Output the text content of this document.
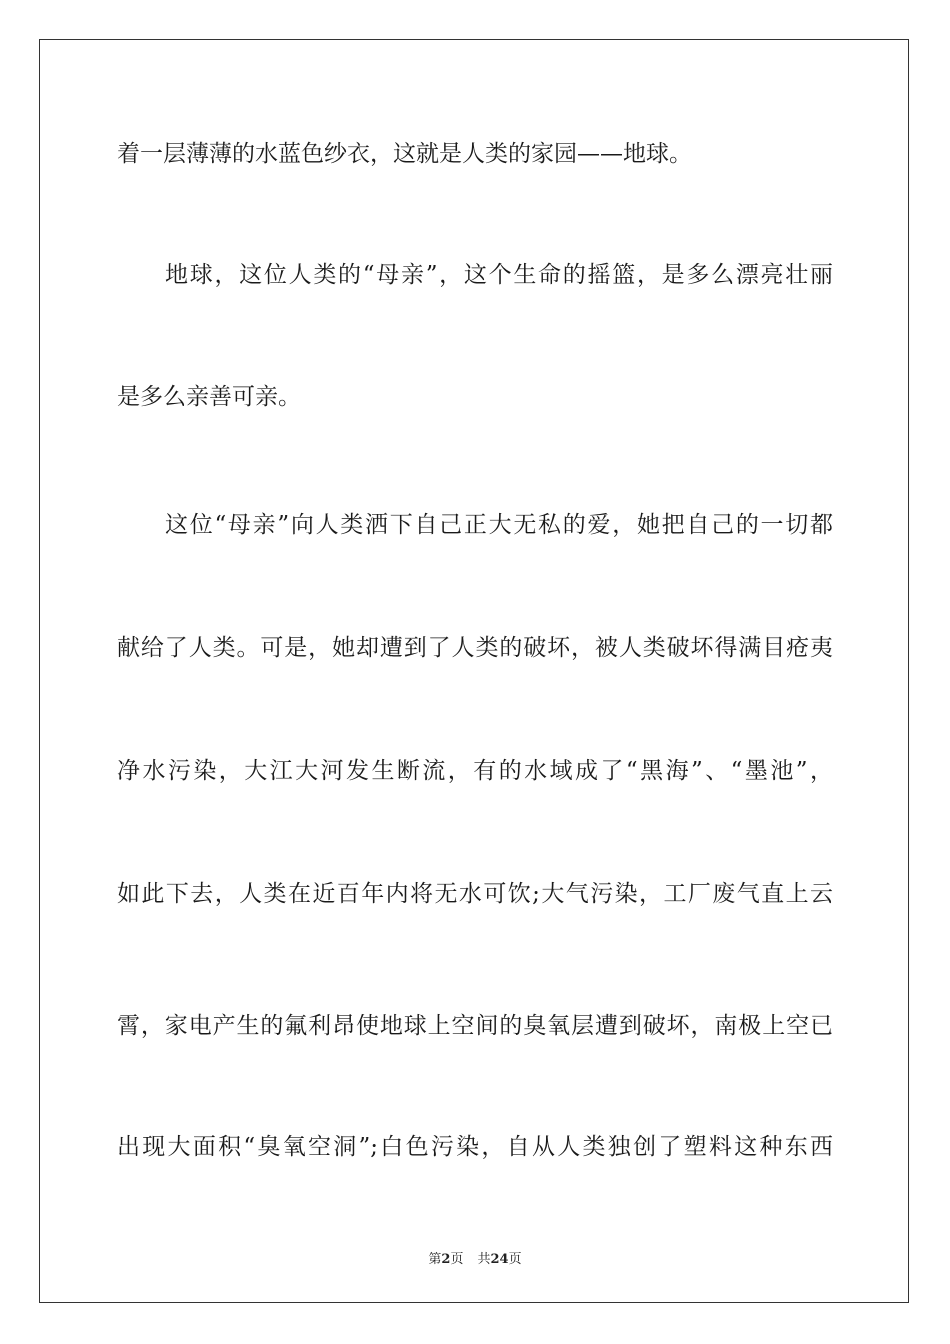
着一层薄薄的水蓝色纱衣，这就是人类的家园——地球。
地球，这位人类的“母亲”，这个生命的摇篮，是多么漂亮壮丽
是多么亲善可亲。
这位“母亲”向人类洒下自己正大无私的爱，她把自己的一切都
献给了人类。可是，她却遭到了人类的破坏，被人类破坏得满目疮夷
净水污染，大江大河发生断流，有的水域成了“黑海”、“墨池”，
如此下去，人类在近百年内将无水可饮;大气污染，工厂废气直上云
霄，家电产生的氟利昂使地球上空间的臭氧层遭到破坏，南极上空已
出现大面积“臭氧空洞”;白色污染，自从人类独创了塑料这种东西
第2页 共24页
